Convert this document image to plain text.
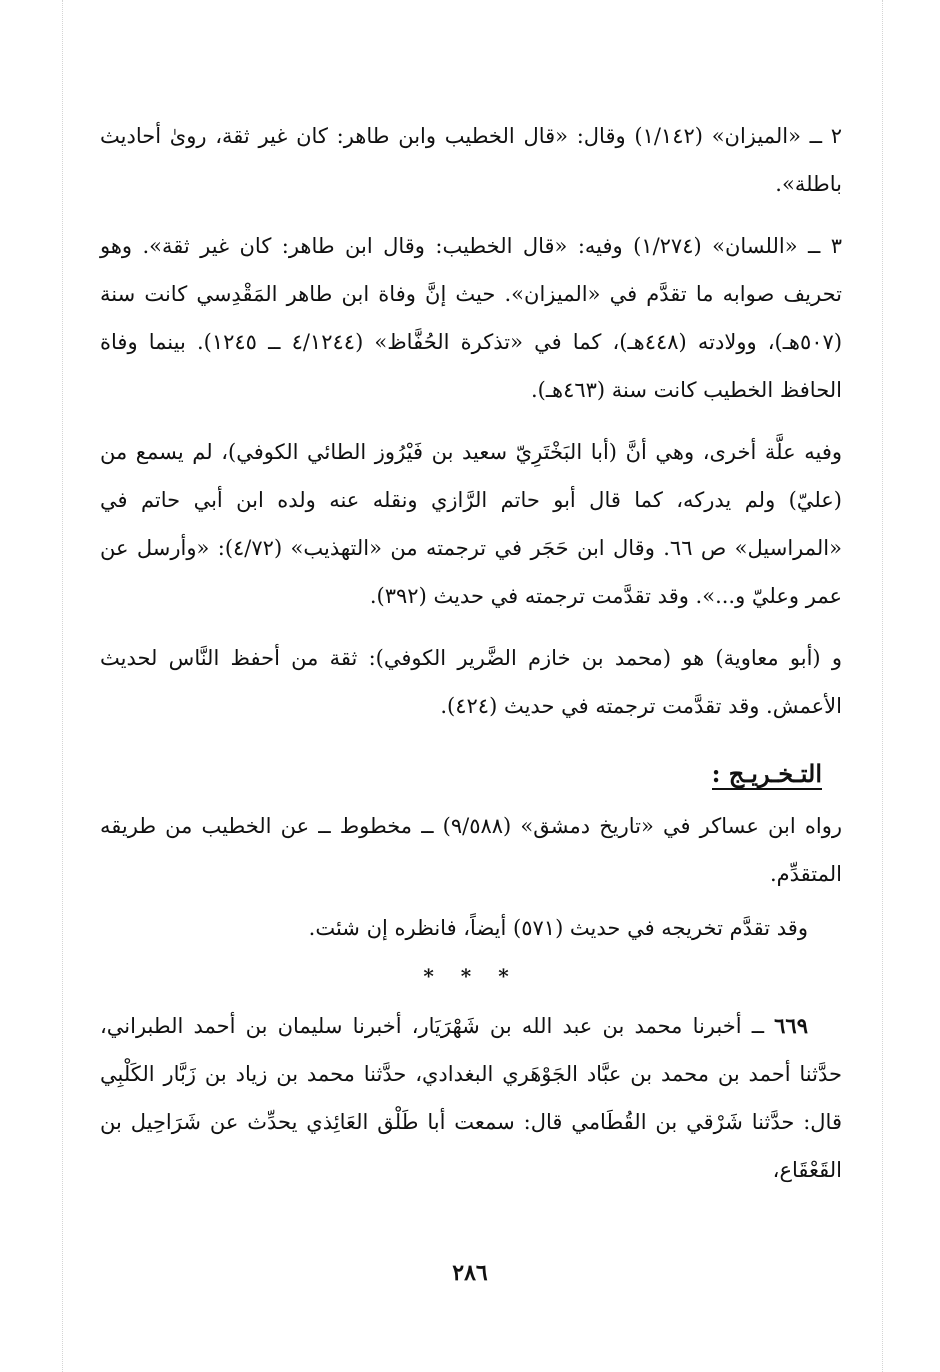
٢ ــ «الميزان» (١/١٤٢) وقال: «قال الخطيب وابن طاهر: كان غير ثقة، روىٰ أحاديث باطلة».

٣ ــ «اللسان» (١/٢٧٤) وفيه: «قال الخطيب: وقال ابن طاهر: كان غير ثقة». وهو تحريف صوابه ما تقدَّم في «الميزان». حيث إنَّ وفاة ابن طاهر المَقْدِسي كانت سنة (٥٠٧هـ)، وولادته (٤٤٨هـ)، كما في «تذكرة الحُفَّاظ» (٤/١٢٤٤ ــ ١٢٤٥). بينما وفاة الحافظ الخطيب كانت سنة (٤٦٣هـ).

وفيه علَّة أخرى، وهي أنَّ (أبا البَخْتَرِيّ سعيد بن فَيْرُوز الطائي الكوفي)، لم يسمع من (عليّ) ولم يدركه، كما قال أبو حاتم الرَّازي ونقله عنه ولده ابن أبي حاتم في «المراسيل» ص ٦٦. وقال ابن حَجَر في ترجمته من «التهذيب» (٤/٧٢): «وأرسل عن عمر وعليّ و...». وقد تقدَّمت ترجمته في حديث (٣٩٢).

و (أبو معاوية) هو (محمد بن خازم الضَّرير الكوفي): ثقة من أحفظ النَّاس لحديث الأعمش. وقد تقدَّمت ترجمته في حديث (٤٢٤).

التـخـريـج :

رواه ابن عساكر في «تاريخ دمشق» (٩/٥٨٨) ــ مخطوط ــ عن الخطيب من طريقه المتقدِّم.

وقد تقدَّم تخريجه في حديث (٥٧١) أيضاً، فانظره إن شئت.

* * *

٦٦٩ ــ أخبرنا محمد بن عبد الله بن شَهْرَيَار، أخبرنا سليمان بن أحمد الطبراني، حدَّثنا أحمد بن محمد بن عبَّاد الجَوْهَري البغدادي، حدَّثنا محمد بن زياد بن زَبَّار الكَلْبِي قال: حدَّثنا شَرْقي بن القُطَامي قال: سمعت أبا طَلْق العَائِذي يحدِّث عن شَرَاحِيل بن القَعْقَاع،

٢٨٦
